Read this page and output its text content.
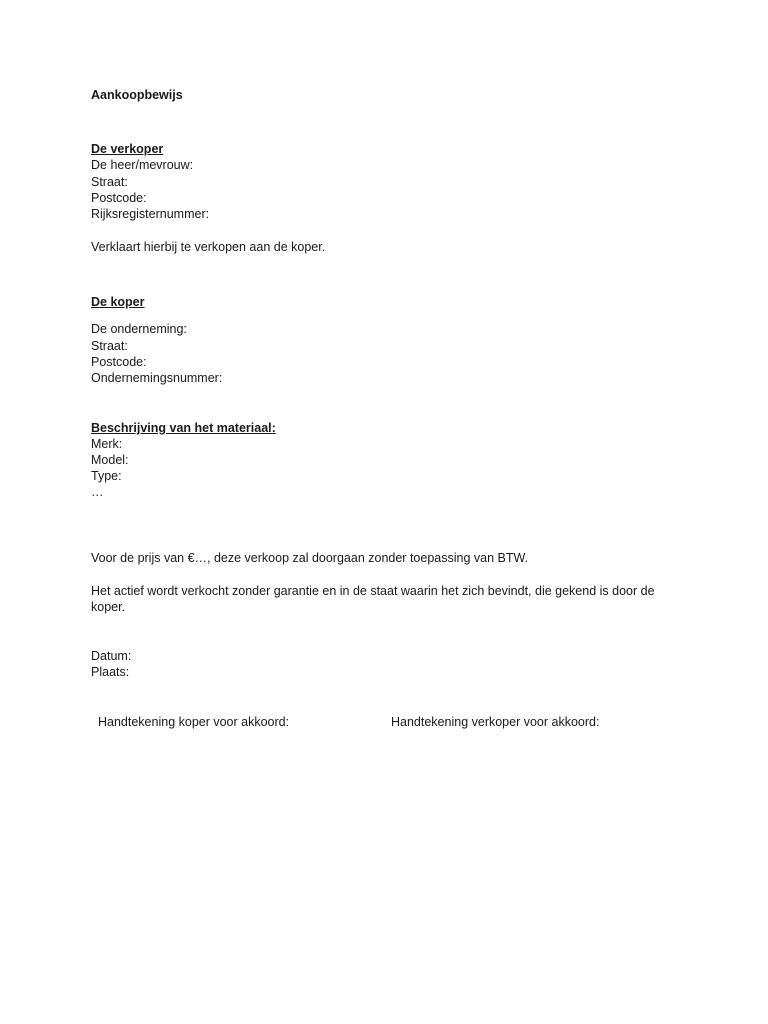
Aankoopbewijs
De verkoper
De heer/mevrouw:
Straat:
Postcode:
Rijksregisternummer:
Verklaart hierbij te verkopen aan de koper.
De koper
De onderneming:
Straat:
Postcode:
Ondernemingsnummer:
Beschrijving van het materiaal:
Merk:
Model:
Type:
…
Voor de prijs van €…, deze verkoop zal doorgaan zonder toepassing van BTW.
Het actief wordt verkocht zonder garantie en in de staat waarin het zich bevindt, die gekend is door de koper.
Datum:
Plaats:
Handtekening koper voor akkoord:	Handtekening verkoper voor akkoord:
